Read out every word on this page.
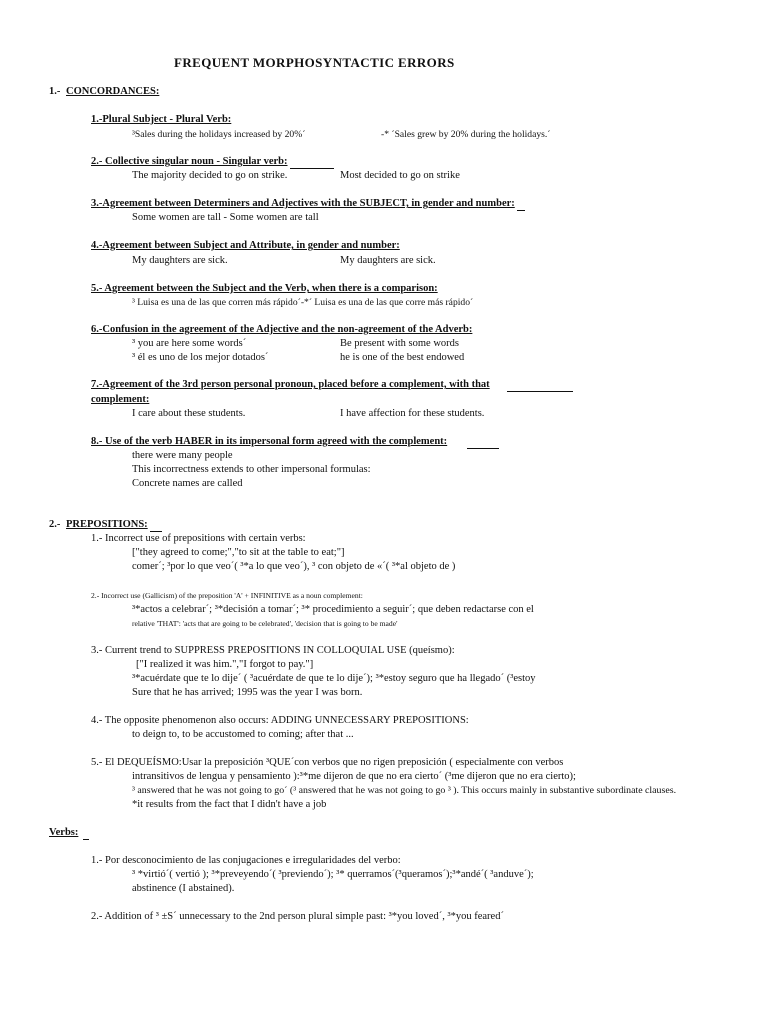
FREQUENT MORPHOSYNTACTIC ERRORS
1.- CONCORDANCES:
1.-Plural Subject - Plural Verb:
³Sales during the holidays increased by 20%´	-* ´Sales grew by 20% during the holidays.´
2.- Collective singular noun - Singular verb:
The majority decided to go on strike.	Most decided to go on strike
3.-Agreement between Determiners and Adjectives with the SUBJECT, in gender and number:
Some women are tall - Some women are tall
4.-Agreement between Subject and Attribute, in gender and number:
My daughters are sick.	My daughters are sick.
5.- Agreement between the Subject and the Verb, when there is a comparison:
³ Luisa es una de las que corren más rápido´-*´ Luisa es una de las que corre más rápido´
6.-Confusion in the agreement of the Adjective and the non-agreement of the Adverb:
³ you are here some words´	Be present with some words
³ él es uno de los mejor dotados´	he is one of the best endowed
7.-Agreement of the 3rd person personal pronoun, placed before a complement, with that
complement:
I care about these students.	I have affection for these students.
8.- Use of the verb HABER in its impersonal form agreed with the complement:
there were many people
This incorrectness extends to other impersonal formulas:
Concrete names are called
2.- PREPOSITIONS:
1.- Incorrect use of prepositions with certain verbs:
["they agreed to come;","to sit at the table to eat;"]
comer´; ³por lo que veo´( ³*a lo que veo´), ³ con objeto de «´( ³*al objeto de )
2.- Incorrect use (Gallicism) of the preposition 'A' + INFINITIVE as a noun complement:
³*actos a celebrar´; ³*decisión a tomar´; ³* procedimiento a seguir´; que deben redactarse con el
relative 'THAT': 'acts that are going to be celebrated', 'decision that is going to be made'
3.- Current trend to SUPPRESS PREPOSITIONS IN COLLOQUIAL USE (queísmo):
["I realized it was him.","I forgot to pay."]
³*acuérdate que te lo dije´ ( ³acuérdate de que te lo dije´); ³*estoy seguro que ha llegado´ (³estoy
Sure that he has arrived; 1995 was the year I was born.
4.- The opposite phenomenon also occurs: ADDING UNNECESSARY PREPOSITIONS:
to deign to, to be accustomed to coming; after that ...
5.- El DEQUEÍSMO:Usar la preposición ³QUE´con verbos que no rigen preposición ( especialmente con verbos
intransitivos de lengua y pensamiento ):³*me dijeron de que no era cierto´ (³me dijeron que no era cierto);
³ answered that he was not going to go´ (³ answered that he was not going to go ³ ). This occurs mainly in substantive subordinate clauses.
*it results from the fact that I didn't have a job
Verbs:
1.- Por desconocimiento de las conjugaciones e irregularidades del verbo:
³ *virtió´( vertió ); ³*preveyendo´( ³previendo´); ³* querramos´(³queramos´);³*andé´( ³anduve´);
abstinence (I abstained).
2.- Addition of ³ ±S´ unnecessary to the 2nd person plural simple past: ³*you loved´, ³*you feared´
